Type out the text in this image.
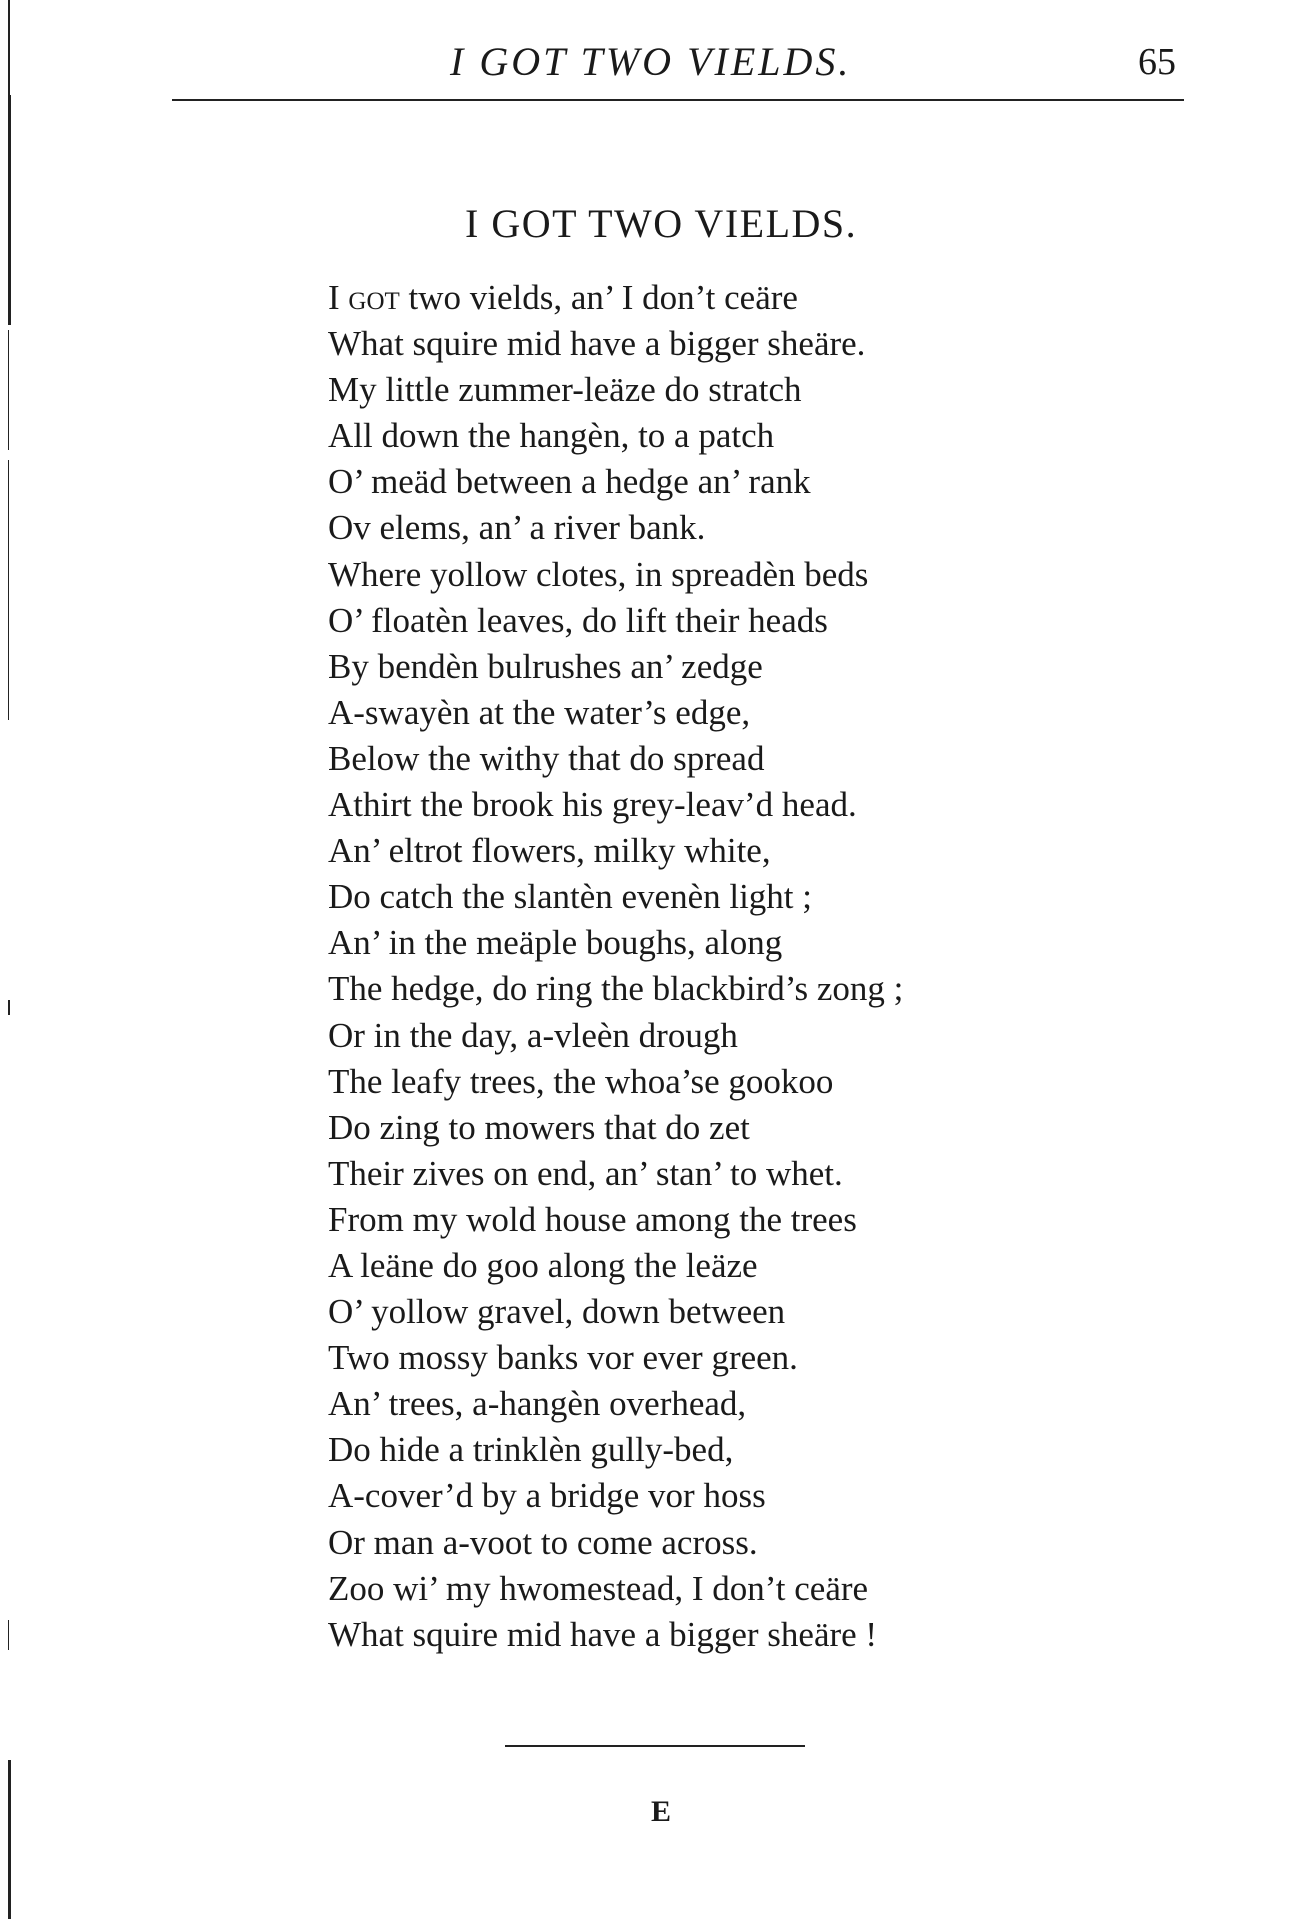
I GOT TWO VIELDS.	65
I GOT TWO VIELDS.
I got two vields, an’ I don’t ceäre
What squire mid have a bigger sheäre.
My little zummer-leäze do stratch
All down the hangèn, to a patch
O’ meäd between a hedge an’ rank
Ov elems, an’ a river bank.
Where yollow clotes, in spreadèn beds
O’ floatèn leaves, do lift their heads
By bendèn bulrushes an’ zedge
A-swayèn at the water’s edge,
Below the withy that do spread
Athirt the brook his grey-leav’d head.
An’ eltrot flowers, milky white,
Do catch the slantèn evenèn light ;
An’ in the meäple boughs, along
The hedge, do ring the blackbird’s zong ;
Or in the day, a-vleèn drough
The leafy trees, the whoa’se gookoo
Do zing to mowers that do zet
Their zives on end, an’ stan’ to whet.
From my wold house among the trees
A leäne do goo along the leäze
O’ yollow gravel, down between
Two mossy banks vor ever green.
An’ trees, a-hangèn overhead,
Do hide a trinklèn gully-bed,
A-cover’d by a bridge vor hoss
Or man a-voot to come across.
Zoo wi’ my hwomestead, I don’t ceäre
What squire mid have a bigger sheäre !
E
